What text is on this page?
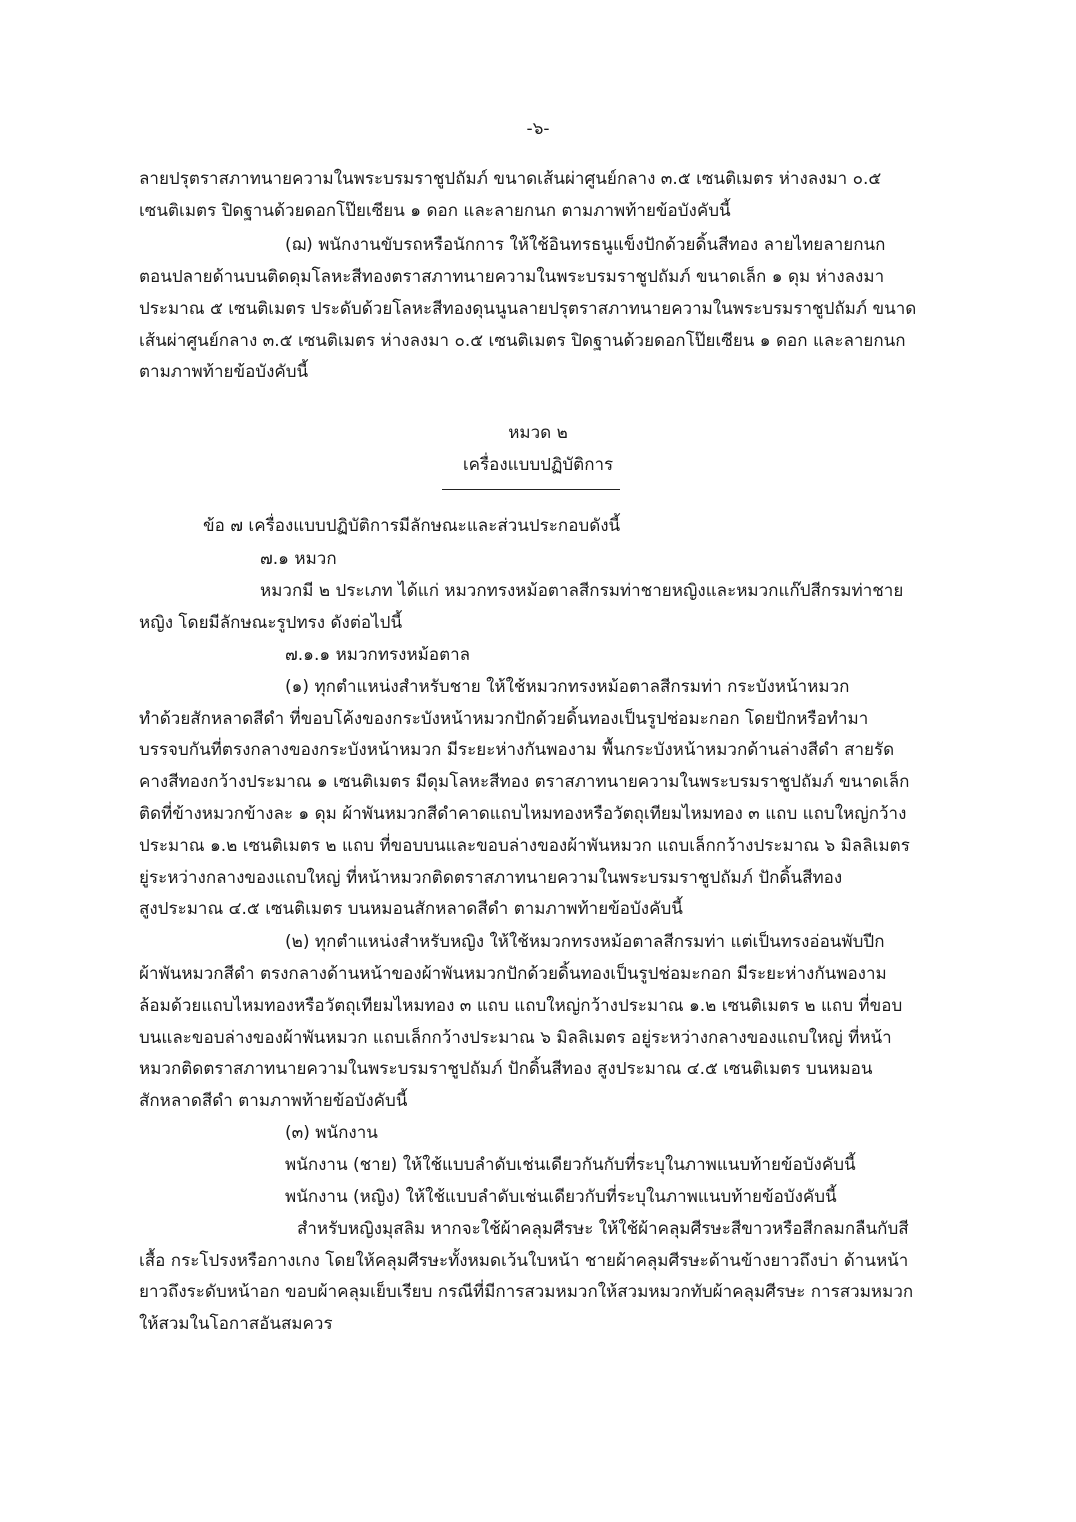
-๖-
ลายปรุตราสภาทนายความในพระบรมราชูปถัมภ์ ขนาดเส้นผ่าศูนย์กลาง ๓.๕ เซนติเมตร ห่างลงมา ๐.๕
เซนติเมตร ปิดฐานด้วยดอกโป๊ยเซียน ๑ ดอก และลายกนก ตามภาพท้ายข้อบังคับนี้
(ฌ) พนักงานขับรถหรือนักการ ให้ใช้อินทรธนูแข็งปักด้วยดิ้นสีทอง ลายไทยลายกนก
ตอนปลายด้านบนติดดุมโลหะสีทองตราสภาทนายความในพระบรมราชูปถัมภ์ ขนาดเล็ก ๑ ดุม ห่างลงมา
ประมาณ ๕ เซนติเมตร ประดับด้วยโลหะสีทองดุนนูนลายปรุตราสภาทนายความในพระบรมราชูปถัมภ์ ขนาด
เส้นผ่าศูนย์กลาง ๓.๕ เซนติเมตร ห่างลงมา ๐.๕ เซนติเมตร ปิดฐานด้วยดอกโป๊ยเซียน ๑ ดอก และลายกนก
ตามภาพท้ายข้อบังคับนี้
หมวด ๒
เครื่องแบบปฏิบัติการ
ข้อ ๗ เครื่องแบบปฏิบัติการมีลักษณะและส่วนประกอบดังนี้
๗.๑ หมวก
หมวกมี ๒ ประเภท ได้แก่ หมวกทรงหม้อตาลสีกรมท่าชายหญิงและหมวกแก๊ปสีกรมท่าชาย
หญิง โดยมีลักษณะรูปทรง ดังต่อไปนี้
๗.๑.๑ หมวกทรงหม้อตาล
(๑) ทุกตำแหน่งสำหรับชาย ให้ใช้หมวกทรงหม้อตาลสีกรมท่า กระบังหน้าหมวก
ทำด้วยสักหลาดสีดำ ที่ขอบโค้งของกระบังหน้าหมวกปักด้วยดิ้นทองเป็นรูปช่อมะกอก โดยปักหรือทำมา
บรรจบกันที่ตรงกลางของกระบังหน้าหมวก มีระยะห่างกันพองาม พื้นกระบังหน้าหมวกด้านล่างสีดำ สายรัด
คางสีทองกว้างประมาณ ๑ เซนติเมตร มีดุมโลหะสีทอง ตราสภาทนายความในพระบรมราชูปถัมภ์ ขนาดเล็ก
ติดที่ข้างหมวกข้างละ ๑ ดุม ผ้าพันหมวกสีดำคาดแถบไหมทองหรือวัตถุเทียมไหมทอง ๓ แถบ แถบใหญ่กว้าง
ประมาณ ๑.๒ เซนติเมตร ๒ แถบ ที่ขอบบนและขอบล่างของผ้าพันหมวก แถบเล็กกว้างประมาณ ๖ มิลลิเมตร
ยู่ระหว่างกลางของแถบใหญ่ ที่หน้าหมวกติดตราสภาทนายความในพระบรมราชูปถัมภ์ ปักดิ้นสีทอง
สูงประมาณ ๔.๕ เซนติเมตร บนหมอนสักหลาดสีดำ ตามภาพท้ายข้อบังคับนี้
(๒) ทุกตำแหน่งสำหรับหญิง ให้ใช้หมวกทรงหม้อตาลสีกรมท่า แต่เป็นทรงอ่อนพับปีก
ผ้าพันหมวกสีดำ ตรงกลางด้านหน้าของผ้าพันหมวกปักด้วยดิ้นทองเป็นรูปช่อมะกอก มีระยะห่างกันพองาม
ล้อมด้วยแถบไหมทองหรือวัตถุเทียมไหมทอง ๓ แถบ แถบใหญ่กว้างประมาณ ๑.๒ เซนติเมตร ๒ แถบ ที่ขอบ
บนและขอบล่างของผ้าพันหมวก แถบเล็กกว้างประมาณ ๖ มิลลิเมตร อยู่ระหว่างกลางของแถบใหญ่ ที่หน้า
หมวกติดตราสภาทนายความในพระบรมราชูปถัมภ์ ปักดิ้นสีทอง สูงประมาณ ๔.๕ เซนติเมตร บนหมอน
สักหลาดสีดำ ตามภาพท้ายข้อบังคับนี้
(๓) พนักงาน
พนักงาน (ชาย) ให้ใช้แบบลำดับเช่นเดียวกันกับที่ระบุในภาพแนบท้ายข้อบังคับนี้
พนักงาน (หญิง) ให้ใช้แบบลำดับเช่นเดียวกับที่ระบุในภาพแนบท้ายข้อบังคับนี้
สำหรับหญิงมุสลิม หากจะใช้ผ้าคลุมศีรษะ ให้ใช้ผ้าคลุมศีรษะสีขาวหรือสีกลมกลืนกับสี
เสื้อ กระโปรงหรือกางเกง โดยให้คลุมศีรษะทั้งหมดเว้นใบหน้า ชายผ้าคลุมศีรษะด้านข้างยาวถึงบ่า ด้านหน้า
ยาวถึงระดับหน้าอก ขอบผ้าคลุมเย็บเรียบ กรณีที่มีการสวมหมวกให้สวมหมวกทับผ้าคลุมศีรษะ การสวมหมวก
ให้สวมในโอกาสอันสมควร
